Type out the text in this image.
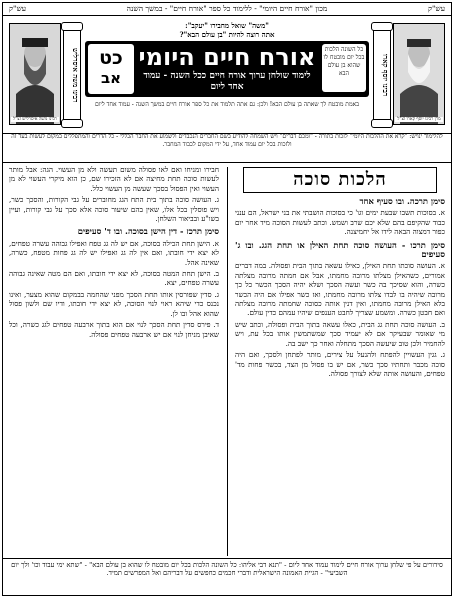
עש"ק
מכון "אורח חיים היומי" - ללימוד כל ספר "אורח חיים" - במשך השנה
עש"ק
מרן רבינו יוסף קארו זצ"ל
רבינו יוסף קארו
"משה" שואל מחבירו "יעקב":
אתה רוצה להיות "בן עולם הבא"?
כל השונה הלכות בכל יום מובטח לו שהוא בן עולם הבא
אורח חיים היומי
לימוד שולחן ערוך אורח חיים ככל השנה - עמוד אחד ליום
כט
אב
באמת מובטח לך שאתה בן עולם הבא! ולכן: גם אתה תלמוד את כל ספר אורח חיים במשך השנה - עמוד אחד ליום
רבינו משה איסרליש
רבינו משה איסרליש זצ"ל
להלימוד ינויש: "קרא את ההלכות היומי" לזכות בתורה - "ומכם דברים" ויש השמחה להודיע בשם החברים הנכבדים ולשמוע את החבר הכללי - כל הדרים והמתפללים במקום לעשות בעד זה ולזכות בכל יום עמוד אחד, על ידי המקום לכבוד המחבר.
הלכות סוכה
סימן תרכה. ובו סעיף אחד
א. בסוכות תשבו שבעת ימים וגו' כי בסוכות הושבתי את בני ישראל, הם ענני כבוד שהקיפם בהם שלא יכם שרב ושמש. וכתב לעשות הסוכה מיד אחר יום כפור דמצוה הבאה לידו אל יחמיצנה.
סימן תרכו - העושה סוכה תחת האילן או תחת הגג. ובו ג' סעיפים
א. העושה סוכתו תחת האילן, כאילו עשאה בתוך הבית ופסולה. במה דברים אמורים, כשהאילן מצלתו מרובה מחמתו, אבל אם חמתה מרובה מצלתה כשרה, והוא שסיכך בה כשר ועשה הסכך ושלא יהיה הסכך הכשר כל כך מרובה שיהיה בו לבדו צלתו מרובה מחמתו, ואז כשר אפילו אם היה הכשר בלא האילן מרובה מחמתו, ואין דנין אותה כסוכה שחמתה מרובה מצלתה ואם חבטן כשרה. ומשמע שצריך לחבט הענפים שיהיו עמהם כדין עולם.
ב. העושה סוכה תחת גג הבית, כאלו עשאה בתוך הבית ופסולה, וכתב שיש מי שאומר שבעיקר אם לא יעמיד סכך שמשתמשין אותו בכל עת, ויש להחמיר ולכן טוב שיעשה הסכך מתחלה ואחר כך ישב בה.
ג. גגין העשויין להפתח ולהנעל על צירים, מותר לפתחן ולסכך, ואם היה סוכה מכבר ותחתיו סכך כשר, אם יש בו פסול מן הצד, בכשר פחות מד' טפחים, והעושה אותה שלא לצורך פסולה.
חבירו ומניחו ואם לאו פסולה משום תעשה ולא מן העשוי. הגה: אבל מותר לעשות סוכה תחת מחיצה אם לא הזכירו שם, כן הוא מיקרי העשוי לא מן העשוי ואין הפסול בסכך שעשה מן העשוי כלל.
ג. העושה סוכה בתוך בית התח הגג מחוברים על גבי הקורות, והסכך כשר, ויש פוסלין בכל אלו, שאין בהם שיעור סוכה אלא סכך על גבי קורות, ועיין בשו"ע ובביאור השלחן.
סימן תרכז - דין הישן בסוכה. ובו ד' סעיפים
א. הישן תחת הכילה בסוכה, אם יש לה גג טפח ואפילו גבוהה עשרה טפחים, לא יצא ידי חובתו, ואם אין לה גג ואפילו יש לה גג פחות מטפח, כשרה, שאינה אהל.
ב. הישן תחת המטה בסוכה, לא יצא ידי חובתו, ואם הם מטה שאינה גבוהה עשרה טפחים, יצא.
ג. סדין שפורסין אותו תחת הסכך מפני שהחמה בבמקום שהוא מצער, ואינו נכנס כדי שיהא ראוי לנוי הסוכה, לא יצא ידי חובתו, ודיו שם ולשון פסול שהוא אהל ובו לן.
ד. פירס סדין תחת הסכך לנוי אם הוא בתוך ארבעה טפחים לגג כשרה, וכל שאיבן מניחן לנוי אם יש ארבעה טפחים פסולה.
סידורים על פי שלחן ערוך אורח חיים לימוד עמוד אחד ליום - "תנא דבי אליהו: כל השונה הלכות בכל יום מובטח לו שהוא בן עולם הבא" - "שתא ימי עבוד וכו' ולך יום השביעי" - הגיית האמונה הישראלית ודברי חכמים כחפשים על דבריהם ואל המפרשים תמיד.
